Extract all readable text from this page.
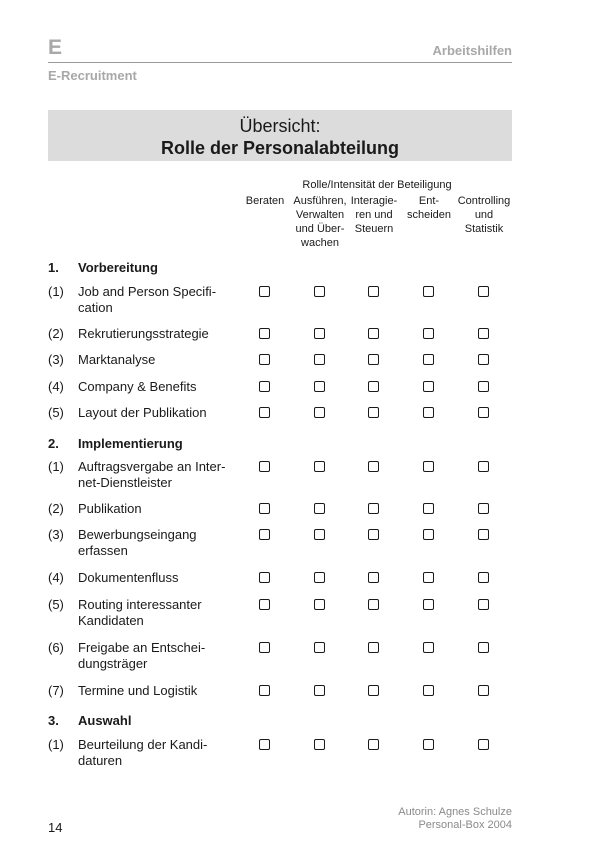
E	Arbeitshilfen
E-Recruitment
Übersicht:
Rolle der Personalabteilung
Rolle/Intensität der Beteiligung
Beraten Ausführen,
Verwalten
und Über-
wachen
Interagie-
ren und
Steuern
Ent-
scheiden
Controlling
und
Statistik
1. Vorbereitung
(1) Job and Person Specifi-
cation
(2) Rekrutierungsstrategie
(3) Marktanalyse
(4) Company & Benefits
(5) Layout der Publikation
2. Implementierung
(1) Auftragsvergabe an Inter-
net-Dienstleister
(2) Publikation
(3) Bewerbungseingang
erfassen
(4) Dokumentenfluss
(5) Routing interessanter
Kandidaten
(6) Freigabe an Entschei-
dungsträger
(7) Termine und Logistik
3. Auswahl
(1) Beurteilung der Kandi-
daturen
Autorin: Agnes Schulze
Personal-Box 2004
14
